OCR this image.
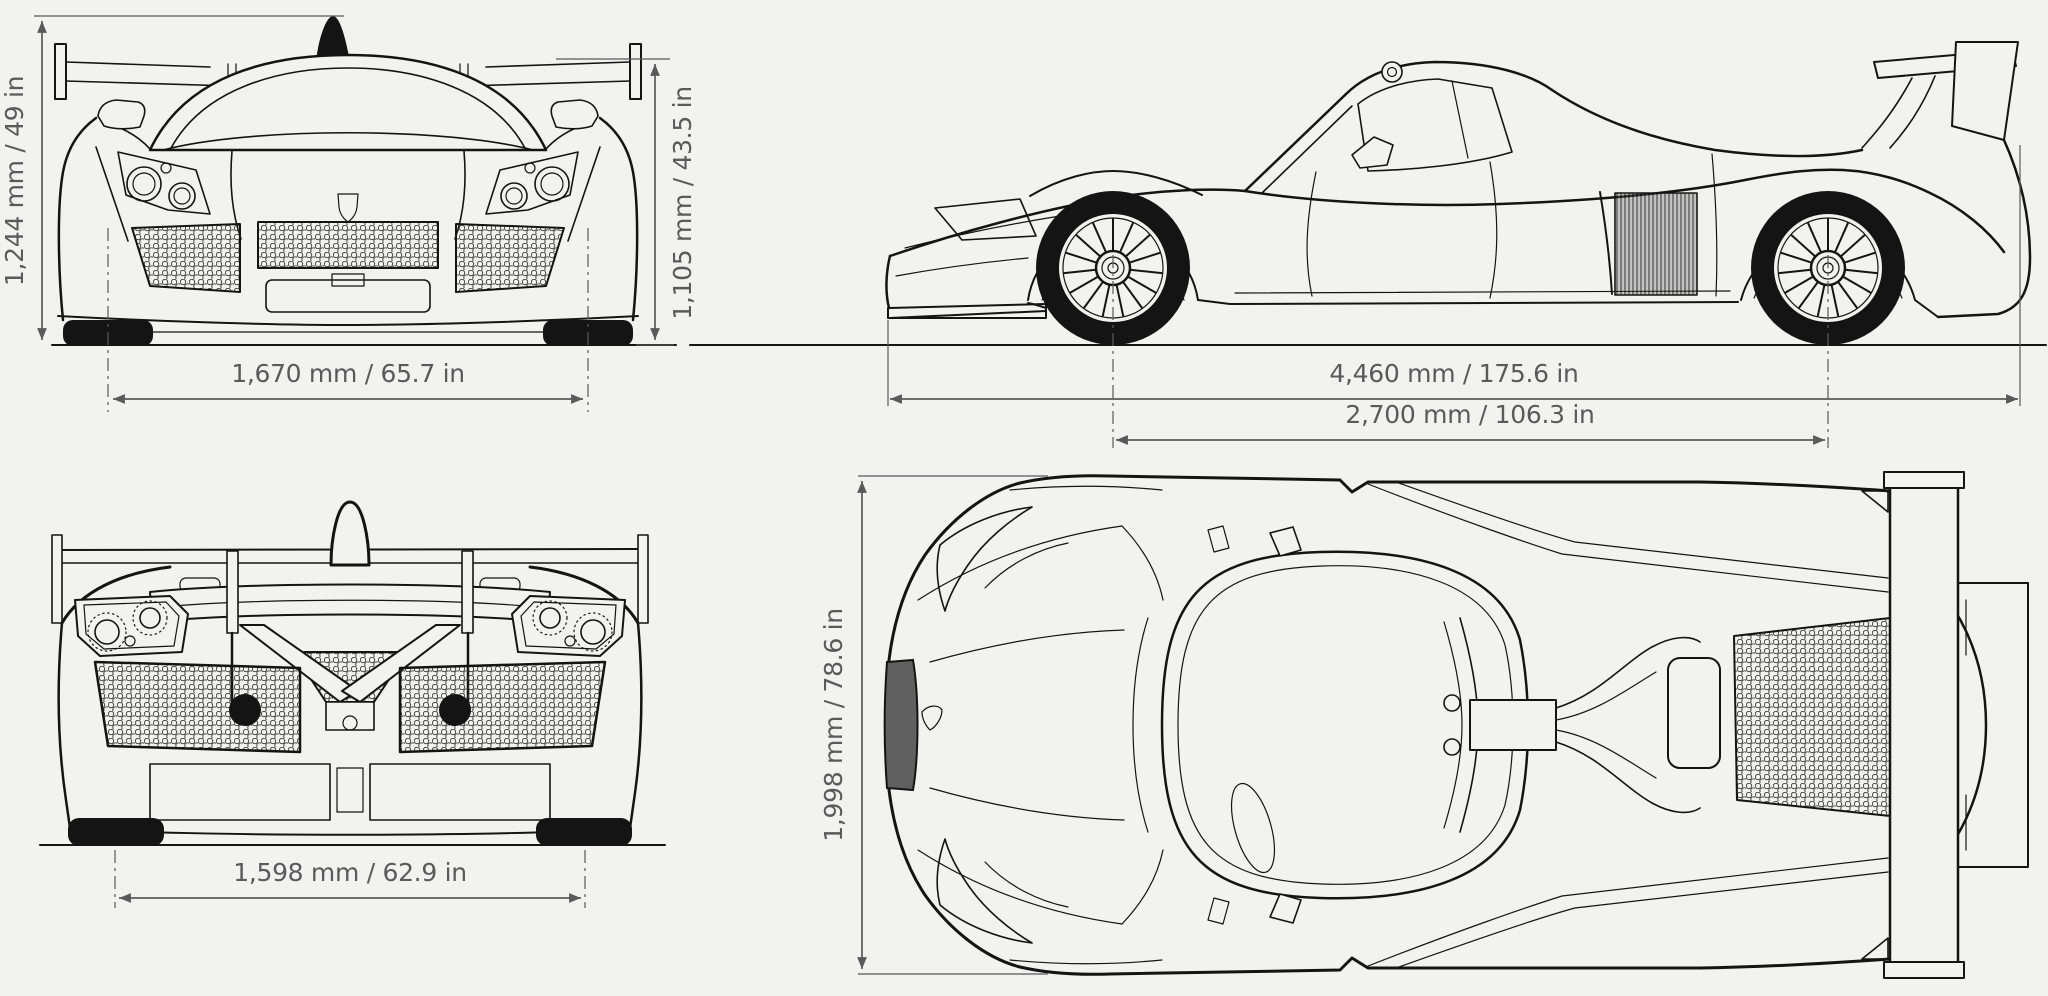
1,244 mm / 49 in	1,105 mm / 43.5 in
1,670 mm / 65.7 in	4,460 mm / 175.6 in
2,700 mm / 106.3 in
1,598 mm / 62.9 in
1,998 mm / 78.6 in
